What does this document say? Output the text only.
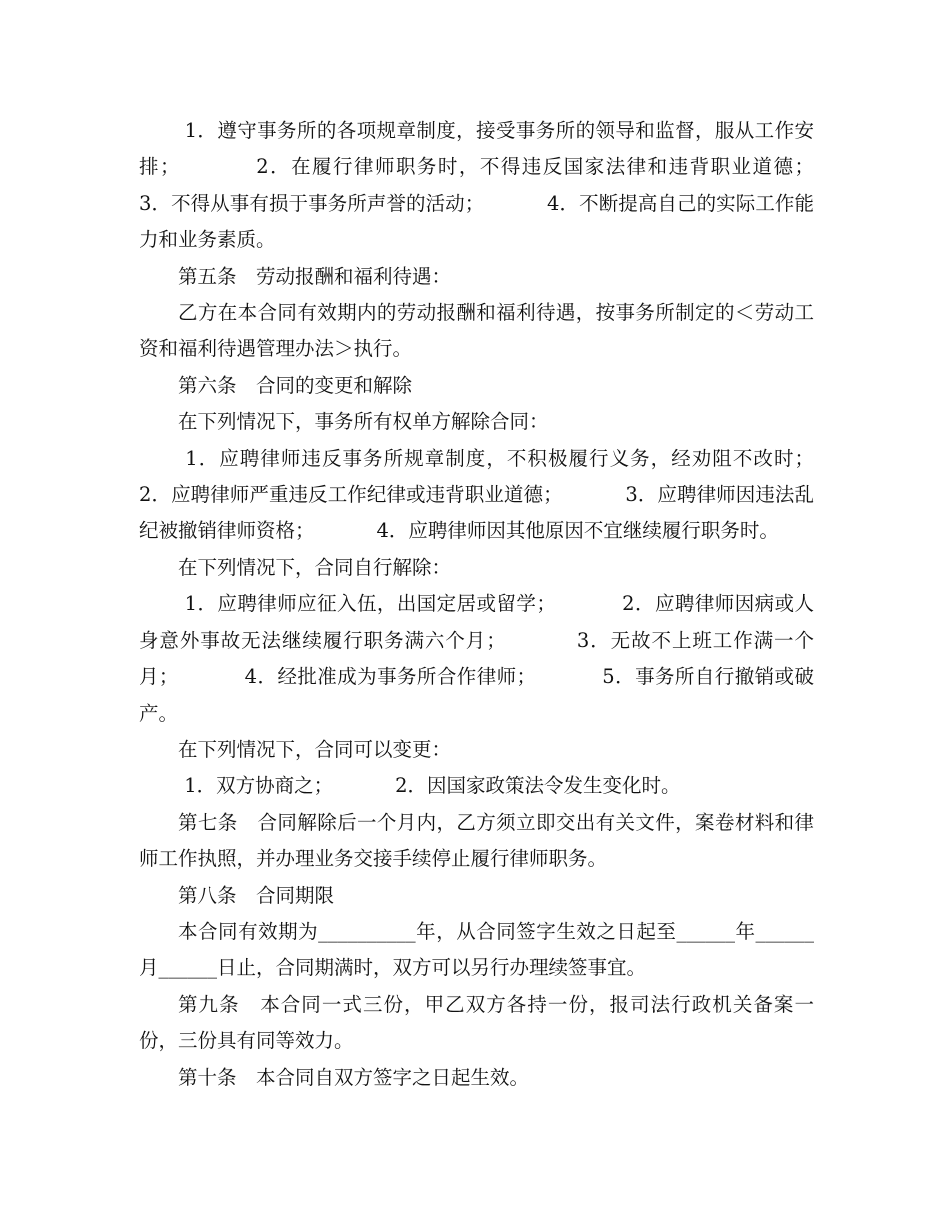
1．遵守事务所的各项规章制度，接受事务所的领导和监督，服从工作安排；          2．在履行律师职务时，不得违反国家法律和违背职业道德；          3．不得从事有损于事务所声誉的活动；          4．不断提高自己的实际工作能力和业务素质。

第五条　劳动报酬和福利待遇：

乙方在本合同有效期内的劳动报酬和福利待遇，按事务所制定的＜劳动工资和福利待遇管理办法＞执行。

第六条　合同的变更和解除

在下列情况下，事务所有权单方解除合同：

1．应聘律师违反事务所规章制度，不积极履行义务，经劝阻不改时；          2．应聘律师严重违反工作纪律或违背职业道德；          3．应聘律师因违法乱纪被撤销律师资格；          4．应聘律师因其他原因不宜继续履行职务时。

在下列情况下，合同自行解除：

1．应聘律师应征入伍，出国定居或留学；          2．应聘律师因病或人身意外事故无法继续履行职务满六个月；          3．无故不上班工作满一个月；          4．经批准成为事务所合作律师；          5．事务所自行撤销或破产。

在下列情况下，合同可以变更：

1．双方协商之；          2．因国家政策法令发生变化时。

第七条　合同解除后一个月内，乙方须立即交出有关文件，案卷材料和律师工作执照，并办理业务交接手续停止履行律师职务。

第八条　合同期限

本合同有效期为__________年，从合同签字生效之日起至______年______月______日止，合同期满时，双方可以另行办理续签事宜。

第九条　本合同一式三份，甲乙双方各持一份，报司法行政机关备案一份，三份具有同等效力。

第十条　本合同自双方签字之日起生效。
